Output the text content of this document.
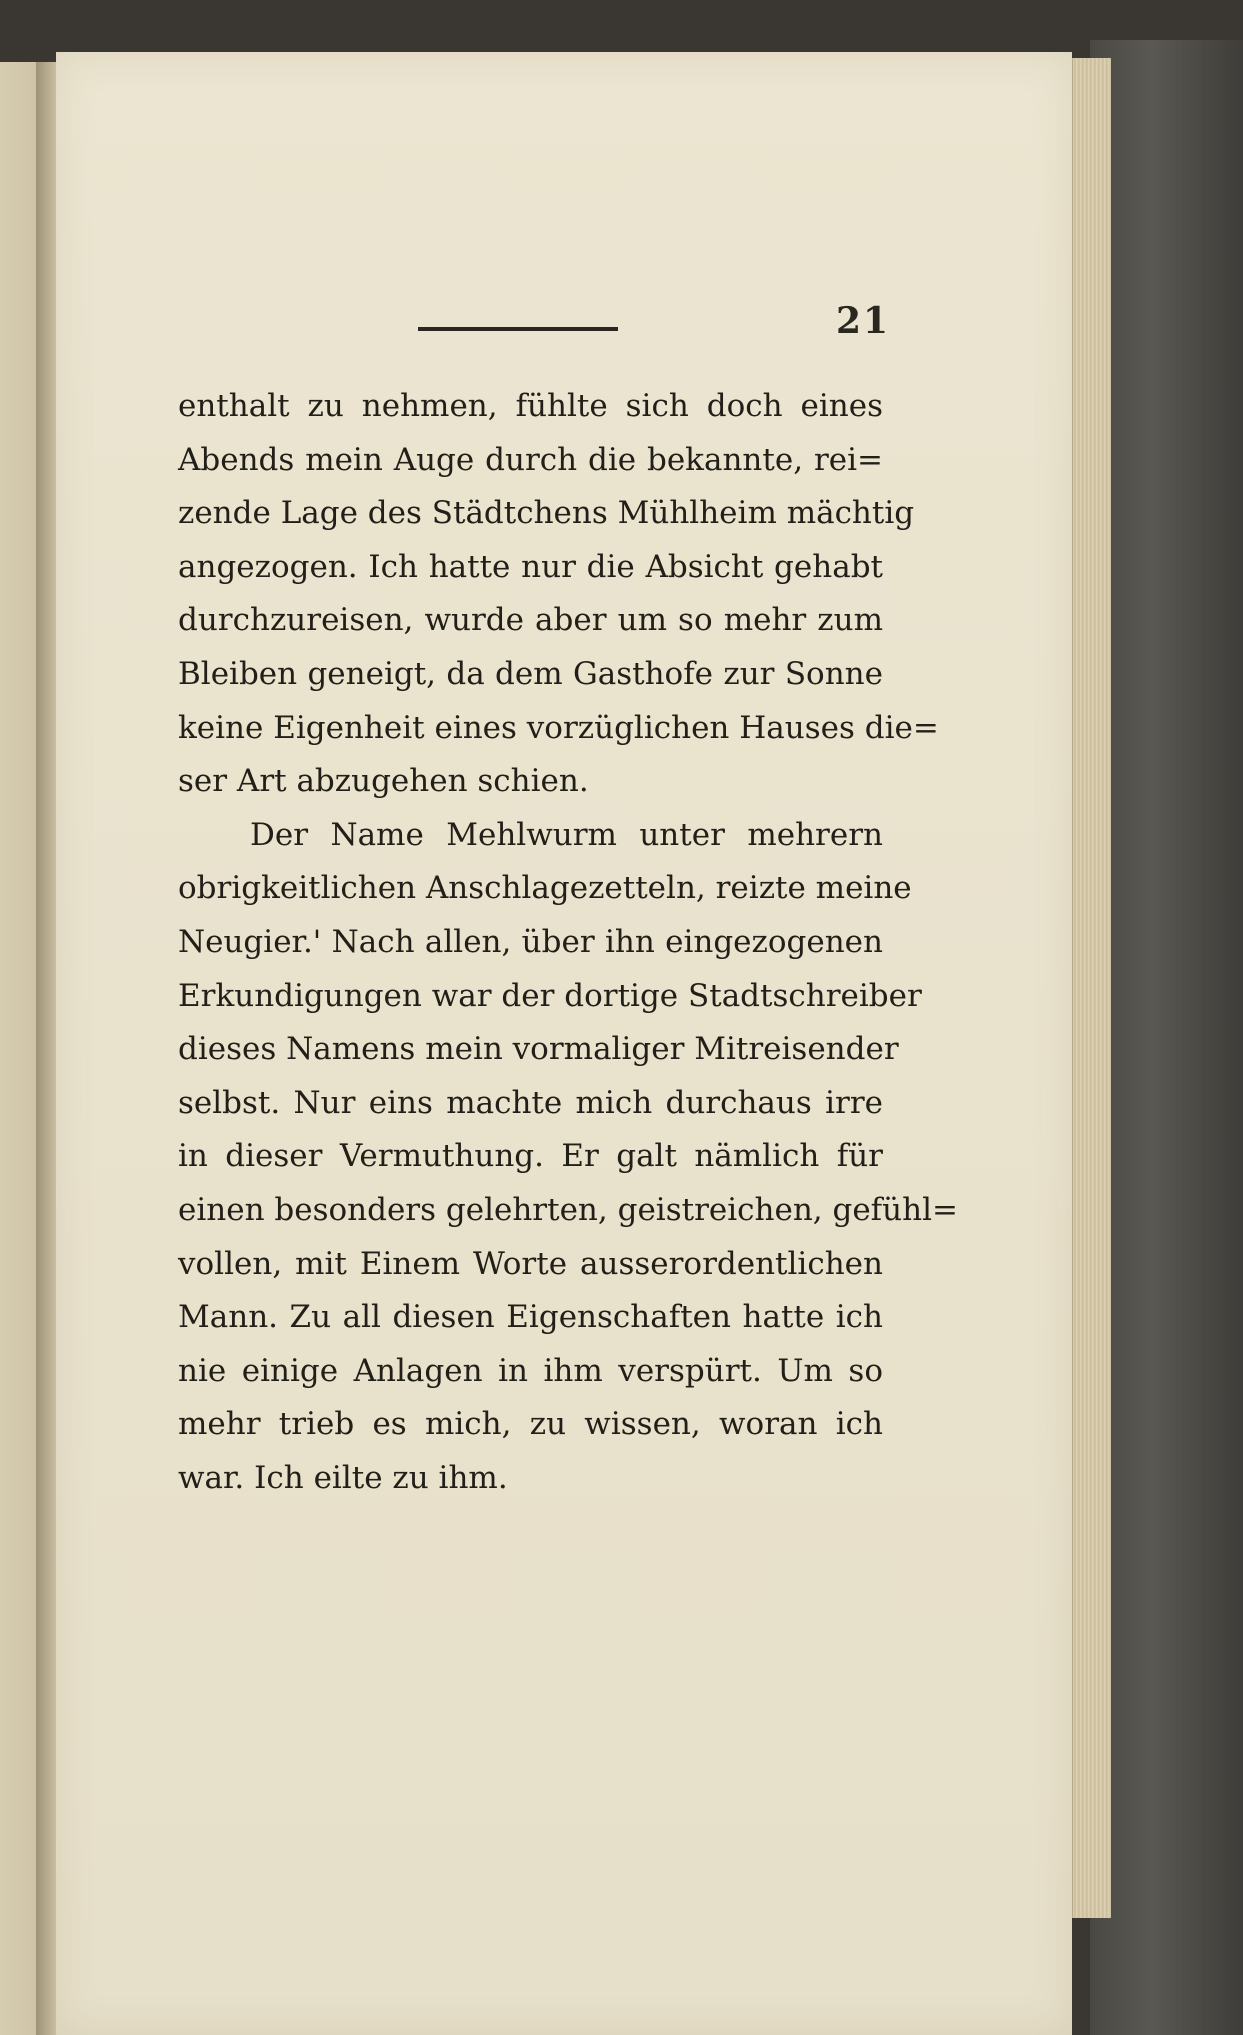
21
enthalt zu nehmen, fühlte sich doch eines
Abends mein Auge durch die bekannte, rei=
zende Lage des Städtchens Mühlheim mächtig
angezogen. Ich hatte nur die Absicht gehabt
durchzureisen, wurde aber um so mehr zum
Bleiben geneigt, da dem Gasthofe zur Sonne
keine Eigenheit eines vorzüglichen Hauses die=
ser Art abzugehen schien.
Der Name Mehlwurm unter mehrern
obrigkeitlichen Anschlagezetteln, reizte meine
Neugier.' Nach allen, über ihn eingezogenen
Erkundigungen war der dortige Stadtschreiber
dieses Namens mein vormaliger Mitreisender
selbst. Nur eins machte mich durchaus irre
in dieser Vermuthung. Er galt nämlich für
einen besonders gelehrten, geistreichen, gefühl=
vollen, mit Einem Worte ausserordentlichen
Mann. Zu all diesen Eigenschaften hatte ich
nie einige Anlagen in ihm verspürt. Um so
mehr trieb es mich, zu wissen, woran ich
war. Ich eilte zu ihm.
